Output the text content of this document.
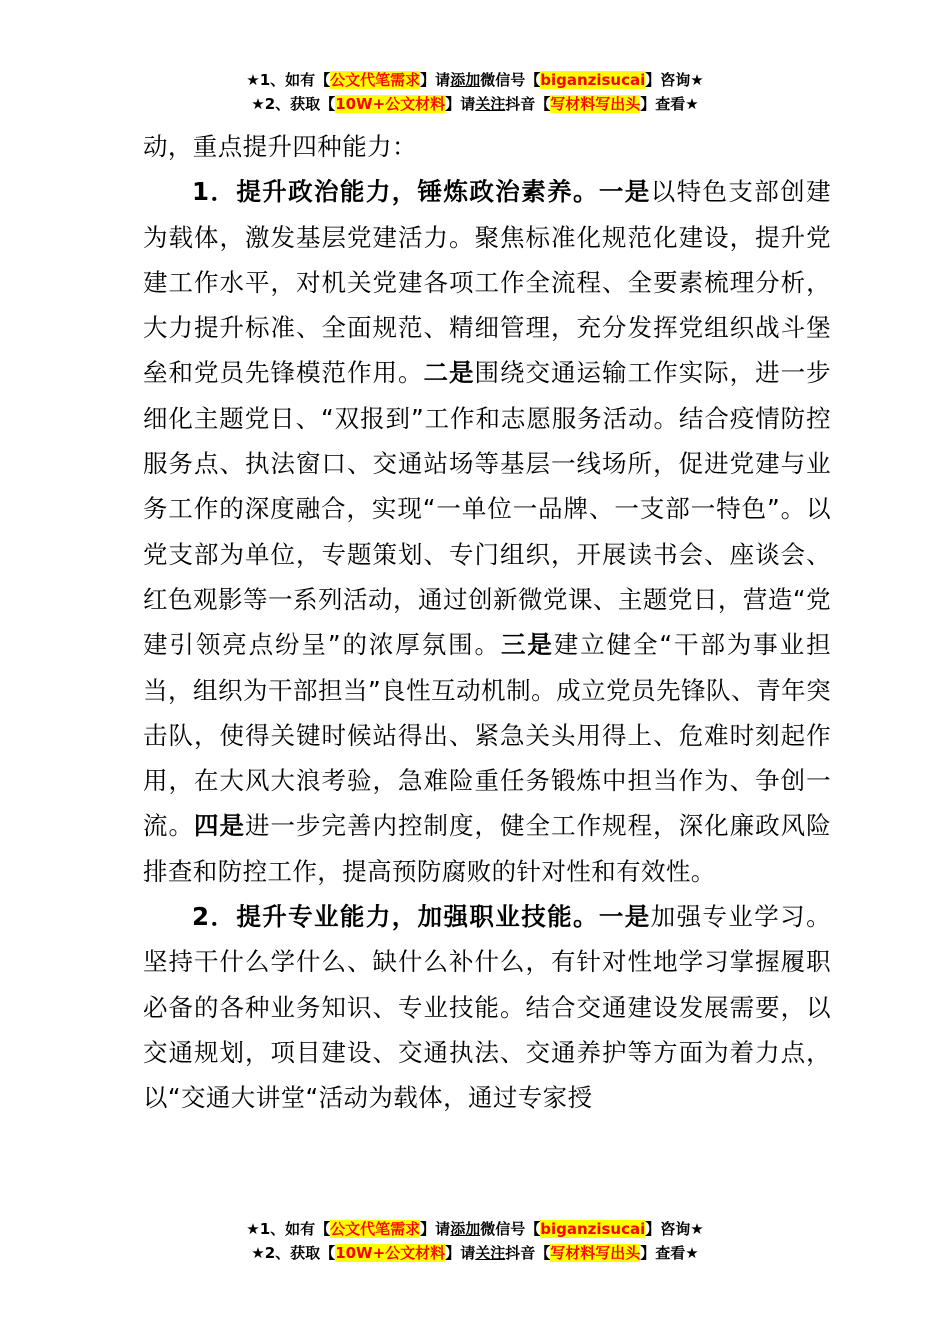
★1、如有【公文代笔需求】请添加微信号【biganzisucai】咨询★
★2、获取【10W+公文材料】请关注抖音【写材料写出头】查看★

动，重点提升四种能力：

1．提升政治能力，锤炼政治素养。一是以特色支部创建为载体，激发基层党建活力。聚焦标准化规范化建设，提升党建工作水平，对机关党建各项工作全流程、全要素梳理分析，大力提升标准、全面规范、精细管理，充分发挥党组织战斗堡垒和党员先锋模范作用。二是围绕交通运输工作实际，进一步细化主题党日、“双报到”工作和志愿服务活动。结合疫情防控服务点、执法窗口、交通站场等基层一线场所，促进党建与业务工作的深度融合，实现“一单位一品牌、一支部一特色”。以党支部为单位，专题策划、专门组织，开展读书会、座谈会、红色观影等一系列活动，通过创新微党课、主题党日，营造“党建引领亮点纷呈”的浓厚氛围。三是建立健全“干部为事业担当，组织为干部担当”良性互动机制。成立党员先锋队、青年突击队，使得关键时候站得出、紧急关头用得上、危难时刻起作用，在大风大浪考验，急难险重任务锻炼中担当作为、争创一流。四是进一步完善内控制度，健全工作规程，深化廉政风险排查和防控工作，提高预防腐败的针对性和有效性。

2．提升专业能力，加强职业技能。一是加强专业学习。坚持干什么学什么、缺什么补什么，有针对性地学习掌握履职必备的各种业务知识、专业技能。结合交通建设发展需要，以交通规划，项目建设、交通执法、交通养护等方面为着力点，以“交通大讲堂“活动为载体，通过专家授

★1、如有【公文代笔需求】请添加微信号【biganzisucai】咨询★
★2、获取【10W+公文材料】请关注抖音【写材料写出头】查看★
